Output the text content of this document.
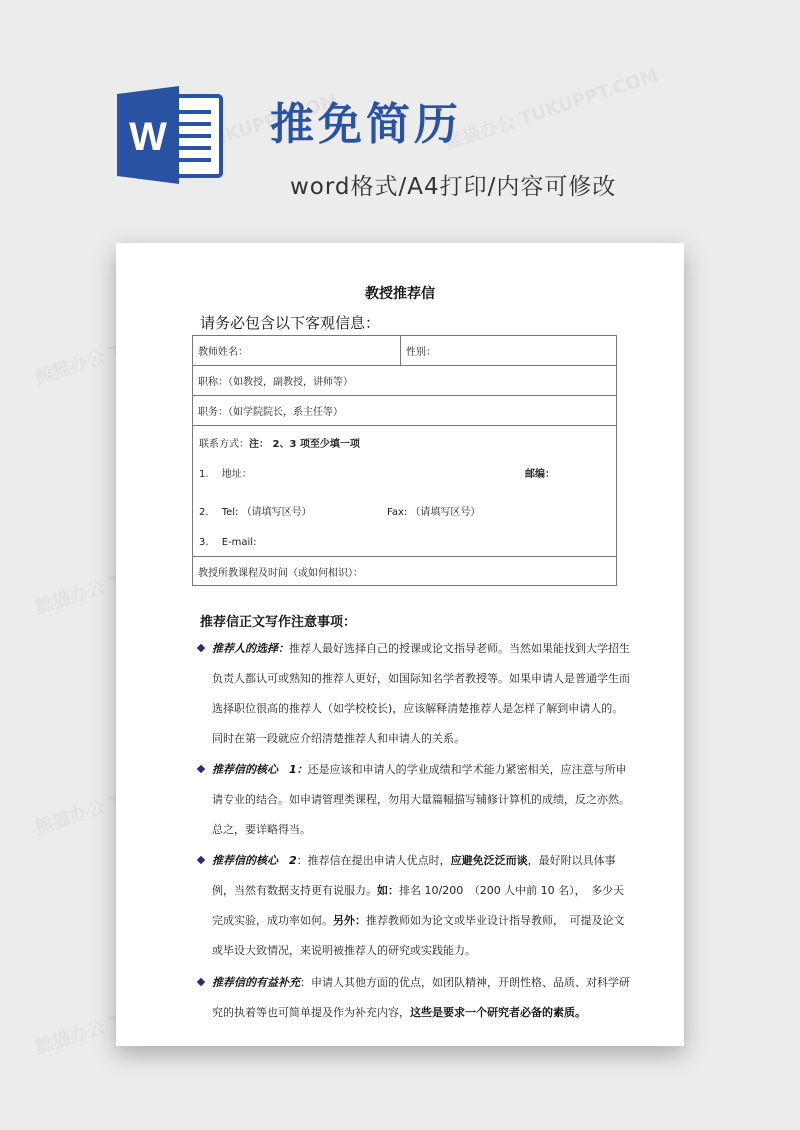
W 推免简历
word格式/A4打印/内容可修改
教授推荐信
请务必包含以下客观信息：
教师姓名：	性别：
职称：（如教授，副教授，讲师等）
职务：（如学院院长，系主任等）

联系方式：注： 2、3 项至少填一项
1.　 地址：	邮编：
2.　 Tel: （请填写区号）	Fax: （请填写区号）
3.　 E-mail:

教授所教课程及时间（或如何相识）：
推荐信正文写作注意事项：
推荐人的选择：推荐人最好选择自己的授课或论文指导老师。当然如果能找到大学招生负责人都认可或熟知的推荐人更好，如国际知名学者教授等。如果申请人是普通学生而选择职位很高的推荐人（如学校校长)，应该解释清楚推荐人是怎样了解到申请人的。同时在第一段就应介绍清楚推荐人和申请人的关系。
推荐信的核心　1：还是应该和申请人的学业成绩和学术能力紧密相关，应注意与所申请专业的结合。如申请管理类课程，勿用大量篇幅描写辅修计算机的成绩，反之亦然。总之，要详略得当。
推荐信的核心　2：推荐信在提出申请人优点时，应避免泛泛而谈，最好附以具体事例，当然有数据支持更有说服力。如：排名 10/200　（200 人中前 10 名），　多少天完成实验，成功率如何。另外：推荐教师如为论文或毕业设计指导教师，　可提及论文或毕设大致情况，来说明被推荐人的研究或实践能力。
推荐信的有益补充：申请人其他方面的优点，如团队精神，开朗性格、品质、对科学研究的执着等也可简单提及作为补充内容，这些是要求一个研究者必备的素质。
